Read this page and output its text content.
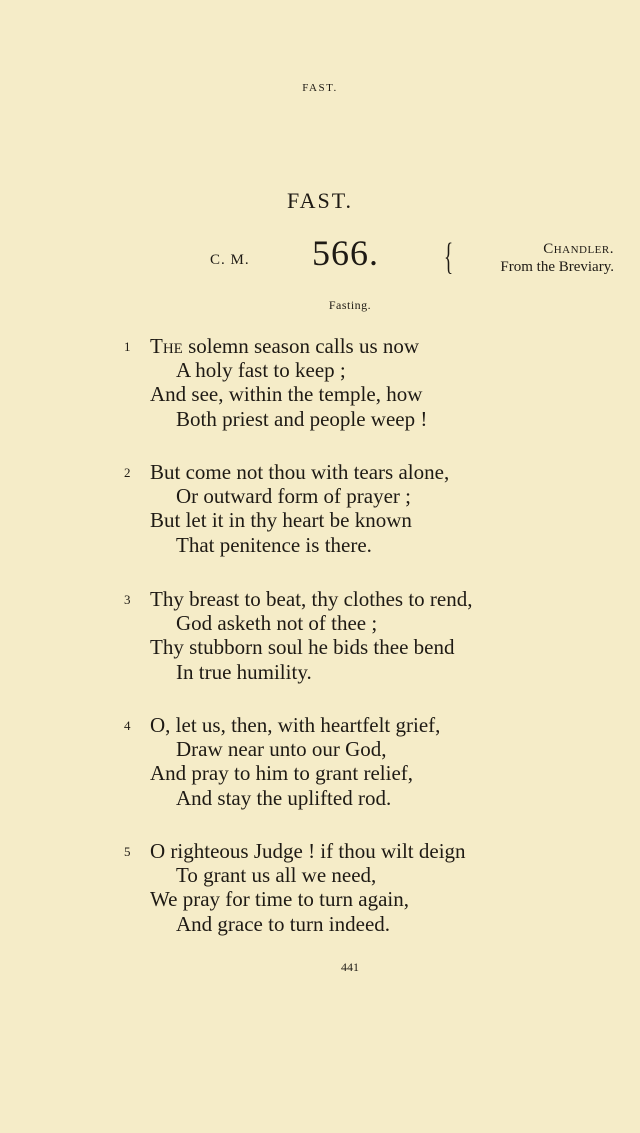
FAST.
FAST.
C. M. 566. {	Chandler.
From the Breviary.
Fasting.
1 The solemn season calls us now
A holy fast to keep ;
And see, within the temple, how
Both priest and people weep !
2 But come not thou with tears alone,
Or outward form of prayer ;
But let it in thy heart be known
That penitence is there.
3 Thy breast to beat, thy clothes to rend,
God asketh not of thee ;
Thy stubborn soul he bids thee bend
In true humility.
4 O, let us, then, with heartfelt grief,
Draw near unto our God,
And pray to him to grant relief,
And stay the uplifted rod.
5 O righteous Judge ! if thou wilt deign
To grant us all we need,
We pray for time to turn again,
And grace to turn indeed.
441
